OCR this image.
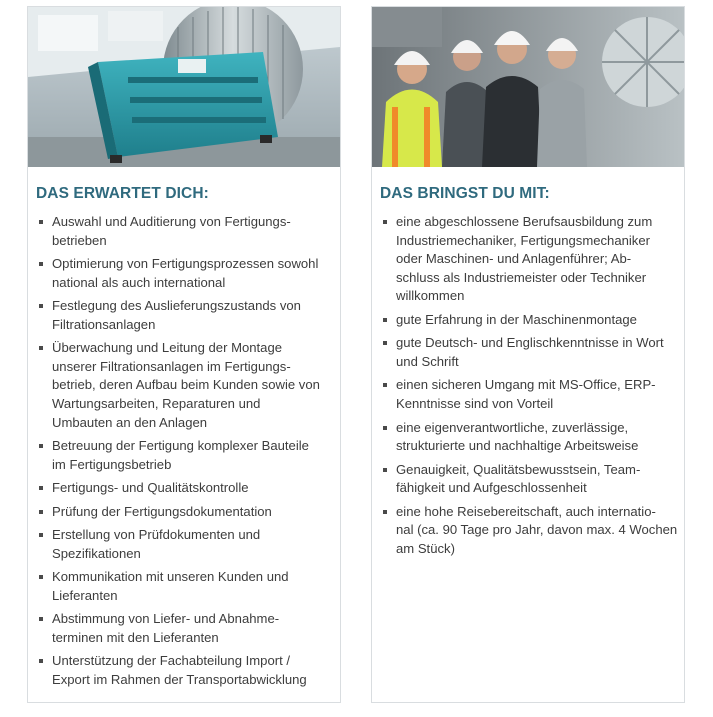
DAS ERWARTET DICH:
Auswahl und Auditierung von Fertigungs-
betrieben
Optimierung von Fertigungsprozessen sowohl
national als auch international
Festlegung des Auslieferungszustands von
Filtrationsanlagen
Überwachung und Leitung der Montage
unserer Filtrationsanlagen im Fertigungs-
betrieb, deren Aufbau beim Kunden sowie von
Wartungsarbeiten, Reparaturen und
Umbauten an den Anlagen
Betreuung der Fertigung komplexer Bauteile
im Fertigungsbetrieb
Fertigungs- und Qualitätskontrolle
Prüfung der Fertigungsdokumentation
Erstellung von Prüfdokumenten und
Spezifikationen
Kommunikation mit unseren Kunden und
Lieferanten
Abstimmung von Liefer- und Abnahme-
terminen mit den Lieferanten
Unterstützung der Fachabteilung Import /
Export im Rahmen der Transportabwicklung
DAS BRINGST DU MIT:
eine abgeschlossene Berufsausbildung zum
Industriemechaniker, Fertigungsmechaniker
oder Maschinen- und Anlagenführer; Ab-
schluss als Industriemeister oder Techniker
willkommen
gute Erfahrung in der Maschinenmontage
gute Deutsch- und Englischkenntnisse in Wort
und Schrift
einen sicheren Umgang mit MS-Office, ERP-
Kenntnisse sind von Vorteil
eine eigenverantwortliche, zuverlässige,
strukturierte und nachhaltige Arbeitsweise
Genauigkeit, Qualitätsbewusstsein, Team-
fähigkeit und Aufgeschlossenheit
eine hohe Reisebereitschaft, auch internatio-
nal (ca. 90 Tage pro Jahr, davon max. 4 Wochen
am Stück)
